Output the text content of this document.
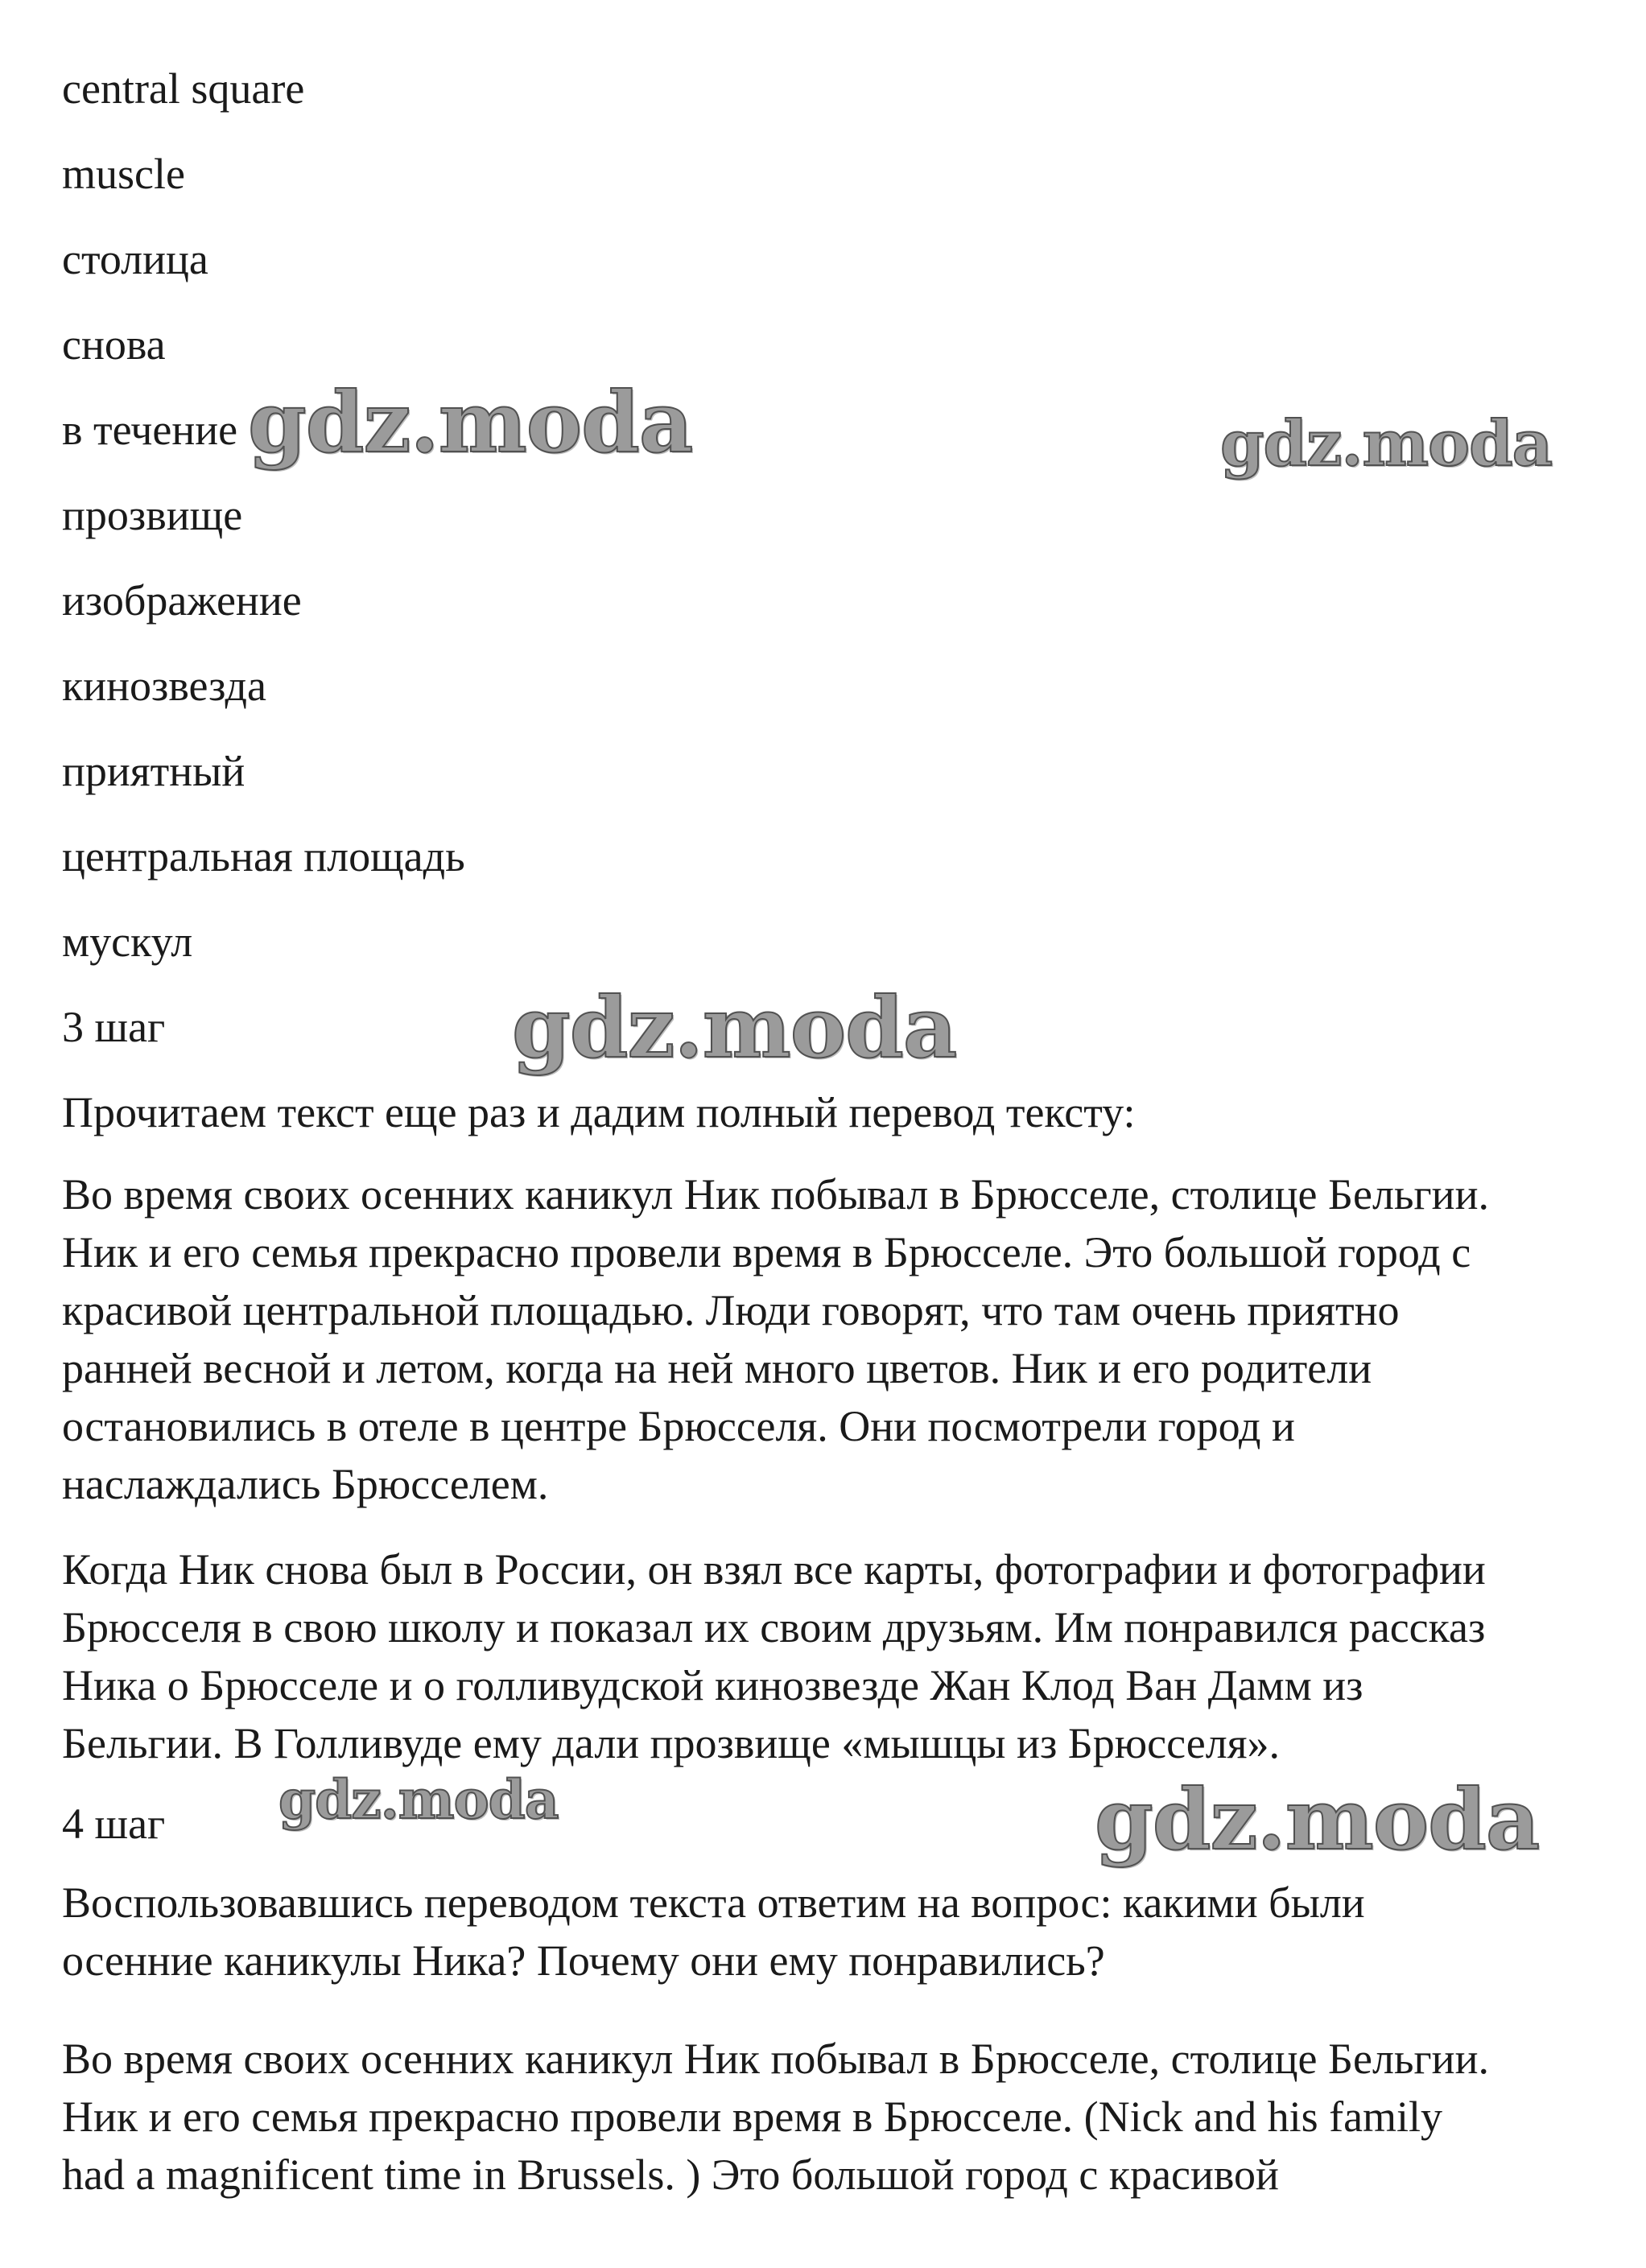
central square
muscle
столица
снова
в течение
прозвище
изображение
кинозвезда
приятный
центральная площадь
мускул
3 шаг
Прочитаем текст еще раз и дадим полный перевод тексту:
Во время своих осенних каникул Ник побывал в Брюсселе, столице Бельгии.
Ник и его семья прекрасно провели время в Брюсселе. Это большой город с
красивой центральной площадью. Люди говорят, что там очень приятно
ранней весной и летом, когда на ней много цветов. Ник и его родители
остановились в отеле в центре Брюсселя. Они посмотрели город и
наслаждались Брюсселем.
Когда Ник снова был в России, он взял все карты, фотографии и фотографии
Брюсселя в свою школу и показал их своим друзьям. Им понравился рассказ
Ника о Брюсселе и о голливудской кинозвезде Жан Клод Ван Дамм из
Бельгии. В Голливуде ему дали прозвище «мышцы из Брюсселя».
4 шаг
Воспользовавшись переводом текста ответим на вопрос: какими были
осенние каникулы Ника? Почему они ему понравились?
Во время своих осенних каникул Ник побывал в Брюсселе, столице Бельгии.
Ник и его семья прекрасно провели время в Брюсселе. (Nick and his family
had a magnificent time in Brussels. ) Это большой город с красивой
gdz.moda	gdz.moda
gdz.moda
gdz.moda	gdz.moda
